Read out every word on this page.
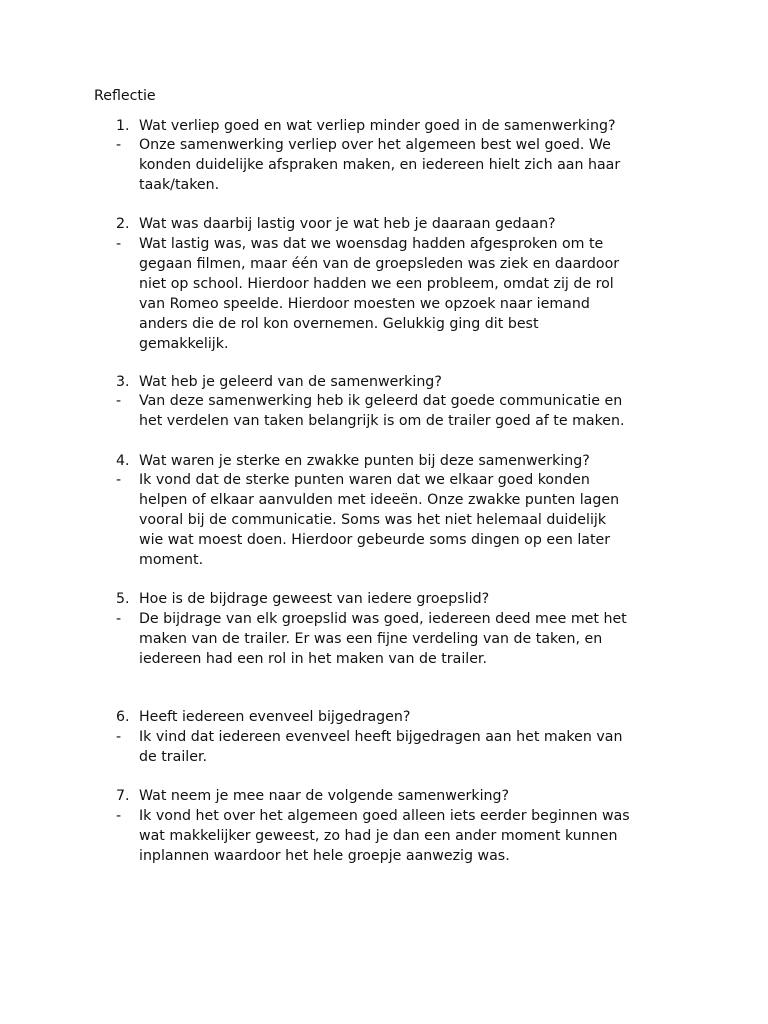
Reflectie
1. Wat verliep goed en wat verliep minder goed in de samenwerking?
- Onze samenwerking verliep over het algemeen best wel goed. We
konden duidelijke afspraken maken, en iedereen hielt zich aan haar
taak/taken.
2. Wat was daarbij lastig voor je wat heb je daaraan gedaan?
- Wat lastig was, was dat we woensdag hadden afgesproken om te
gegaan filmen, maar één van de groepsleden was ziek en daardoor
niet op school. Hierdoor hadden we een probleem, omdat zij de rol
van Romeo speelde. Hierdoor moesten we opzoek naar iemand
anders die de rol kon overnemen. Gelukkig ging dit best
gemakkelijk.
3. Wat heb je geleerd van de samenwerking?
- Van deze samenwerking heb ik geleerd dat goede communicatie en
het verdelen van taken belangrijk is om de trailer goed af te maken.
4. Wat waren je sterke en zwakke punten bij deze samenwerking?
- Ik vond dat de sterke punten waren dat we elkaar goed konden
helpen of elkaar aanvulden met ideeën. Onze zwakke punten lagen
vooral bij de communicatie. Soms was het niet helemaal duidelijk
wie wat moest doen. Hierdoor gebeurde soms dingen op een later
moment.
5. Hoe is de bijdrage geweest van iedere groepslid?
- De bijdrage van elk groepslid was goed, iedereen deed mee met het
maken van de trailer. Er was een fijne verdeling van de taken, en
iedereen had een rol in het maken van de trailer.
6. Heeft iedereen evenveel bijgedragen?
- Ik vind dat iedereen evenveel heeft bijgedragen aan het maken van
de trailer.
7. Wat neem je mee naar de volgende samenwerking?
- Ik vond het over het algemeen goed alleen iets eerder beginnen was
wat makkelijker geweest, zo had je dan een ander moment kunnen
inplannen waardoor het hele groepje aanwezig was.
